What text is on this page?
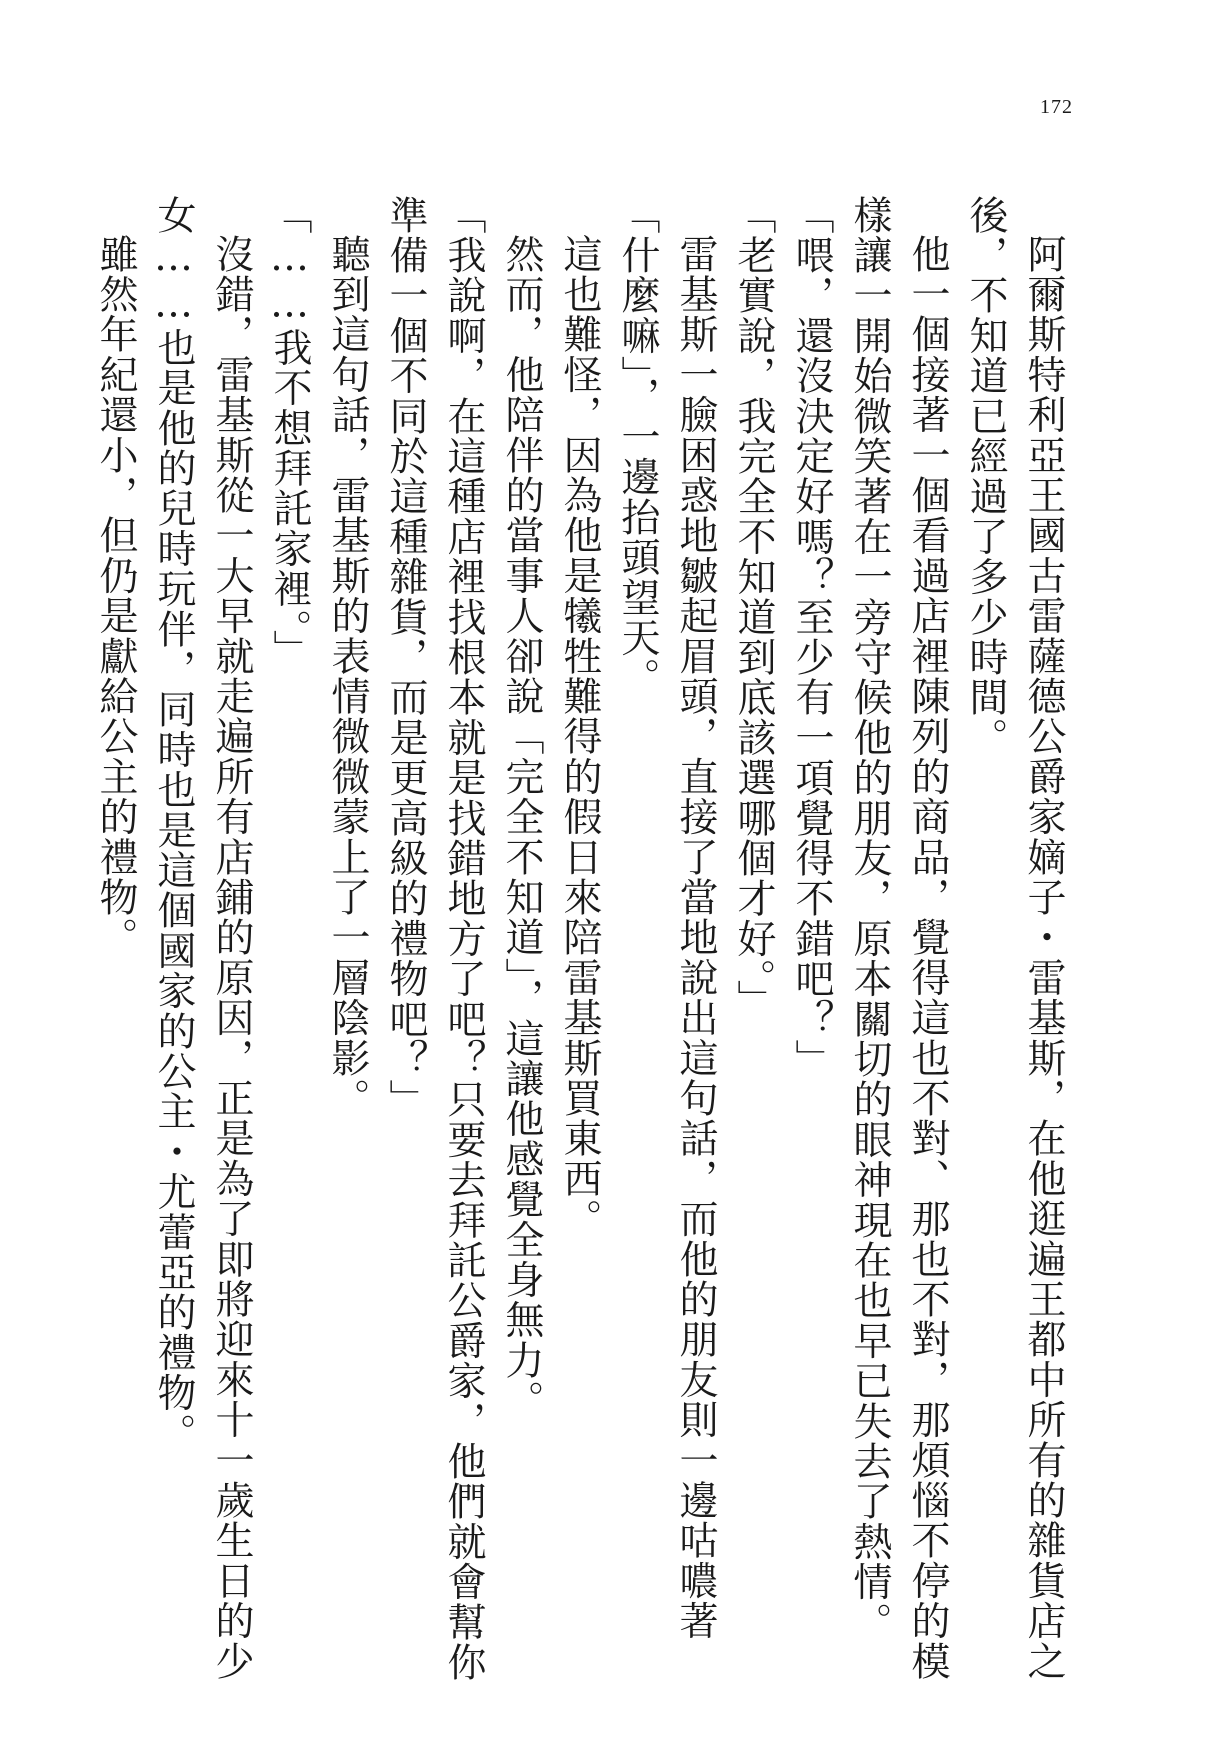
172

阿爾斯特利亞王國古雷薩德公爵家嫡子・雷基斯，在他逛遍王都中所有的雜貨店之後，不知道已經過了多少時間。

他一個接著一個看過店裡陳列的商品，覺得這也不對、那也不對，那煩惱不停的模樣讓一開始微笑著在一旁守候他的朋友，原本關切的眼神現在也早已失去了熱情。

「喂，還沒決定好嗎？至少有一項覺得不錯吧？」

「老實說，我完全不知道到底該選哪個才好。」

雷基斯一臉困惑地皺起眉頭，直接了當地說出這句話，而他的朋友則一邊咕噥著「什麼嘛」，一邊抬頭望天。

這也難怪，因為他是犧牲難得的假日來陪雷基斯買東西。

然而，他陪伴的當事人卻說「完全不知道」，這讓他感覺全身無力。

「我說啊，在這種店裡找根本就是找錯地方了吧？只要去拜託公爵家，他們就會幫你準備一個不同於這種雜貨，而是更高級的禮物吧？」

聽到這句話，雷基斯的表情微微蒙上了一層陰影。

「……我不想拜託家裡。」

沒錯，雷基斯從一大早就走遍所有店鋪的原因，正是為了即將迎來十一歲生日的少女……也是他的兒時玩伴，同時也是這個國家的公主・尤蕾亞的禮物。

雖然年紀還小，但仍是獻給公主的禮物。
